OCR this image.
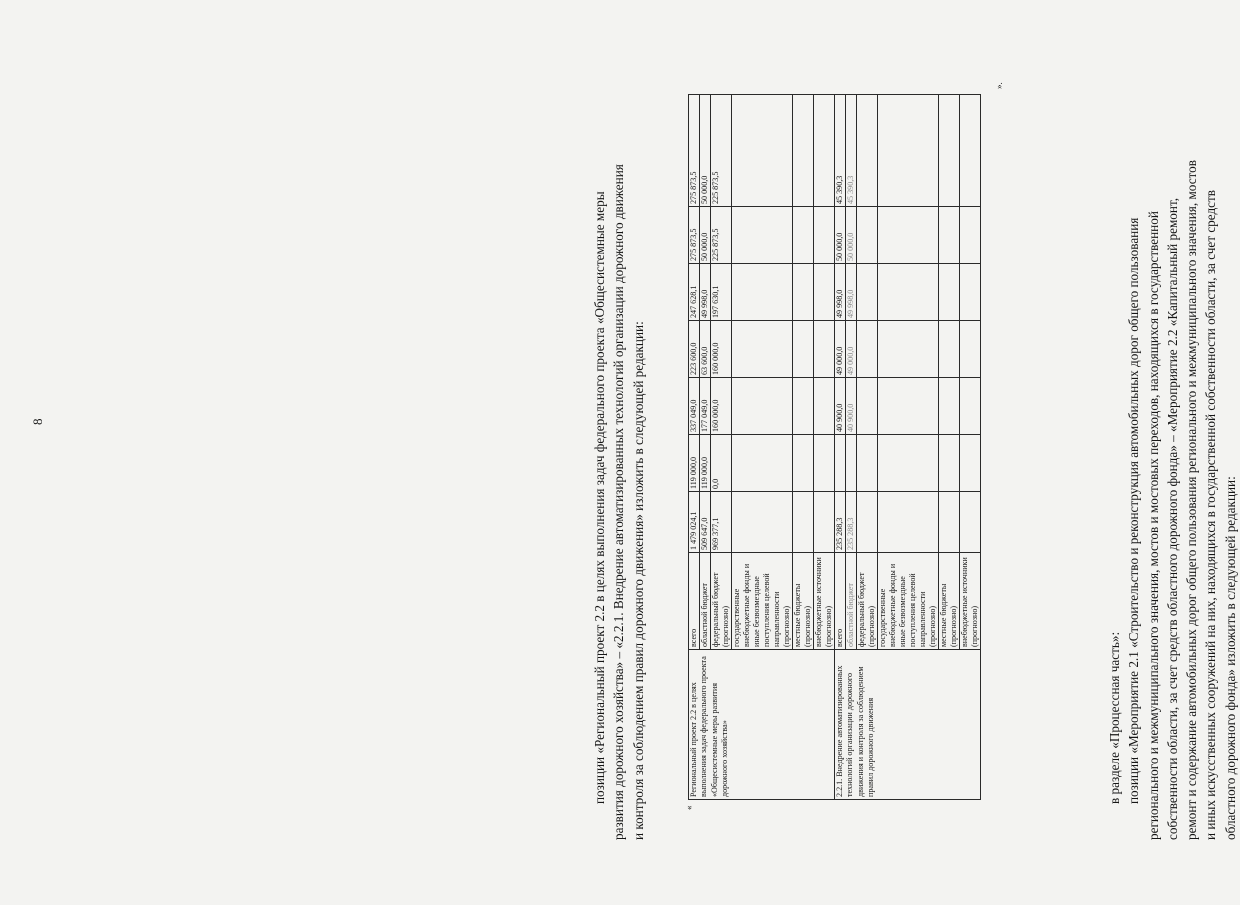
8	позиции «Региональный проект 2.2 в целях выполнения задач федерального проекта «Общесистемные меры развития дорожного хозяйства» – «2.2.1. Внедрение автоматизированных технологий организации дорожного движения и контроля за соблюдением правил дорожного движения» изложить в следующей редакции:	«
Региональный проект 2.2 в целях выполнения задач федерального проекта «Общесистемные меры развития дорожного хозяйства»	всего	1 479 024,1	119 000,0	337 049,0	223 600,0	247 628,1	275 873,5	275 873,5	
	областной бюджет	509 647,0	119 000,0	177 049,0	63 600,0	49 998,0	50 000,0	50 000,0	
	федеральный бюджет (прогнозно)	969 377,1	0,0	160 000,0	160 000,0	197 630,1	225 873,5	225 873,5	
	государственные внебюджетные фонды и иные безвозмездные поступления целевой направленности (прогнозно)								
	местные бюджеты (прогнозно)								
	внебюджетные источники (прогнозно)								
2.2.1. Внедрение автоматизированных технологий организации дорожного движения и контроля за соблюдением правил дорожного движения	всего	235 288,3		40 900,0	49 000,0	49 998,0	50 000,0	45 390,3	
	областной бюджет	235 288,3		40 900,0	49 000,0	49 998,0	50 000,0	45 390,3	
	федеральный бюджет (прогнозно)								
	государственные внебюджетные фонды и иные безвозмездные поступления целевой направленности (прогнозно)								
	местные бюджеты (прогнозно)								
	внебюджетные источники (прогнозно)								
».
в разделе «Процессная часть»: позиции «Мероприятие 2.1 «Строительство и реконструкция автомобильных дорог общего пользования регионального и межмуниципального значения, мостов и мостовых переходов, находящихся в государственной собственности области, за счет средств областного дорожного фонда» – «Мероприятие 2.2 «Капитальный ремонт, ремонт и содержание автомобильных дорог общего пользования регионального и межмуниципального значения, мостов и иных искусственных сооружений на них, находящихся в государственной собственности области, за счет средств областного дорожного фонда» изложить в следующей редакции:
